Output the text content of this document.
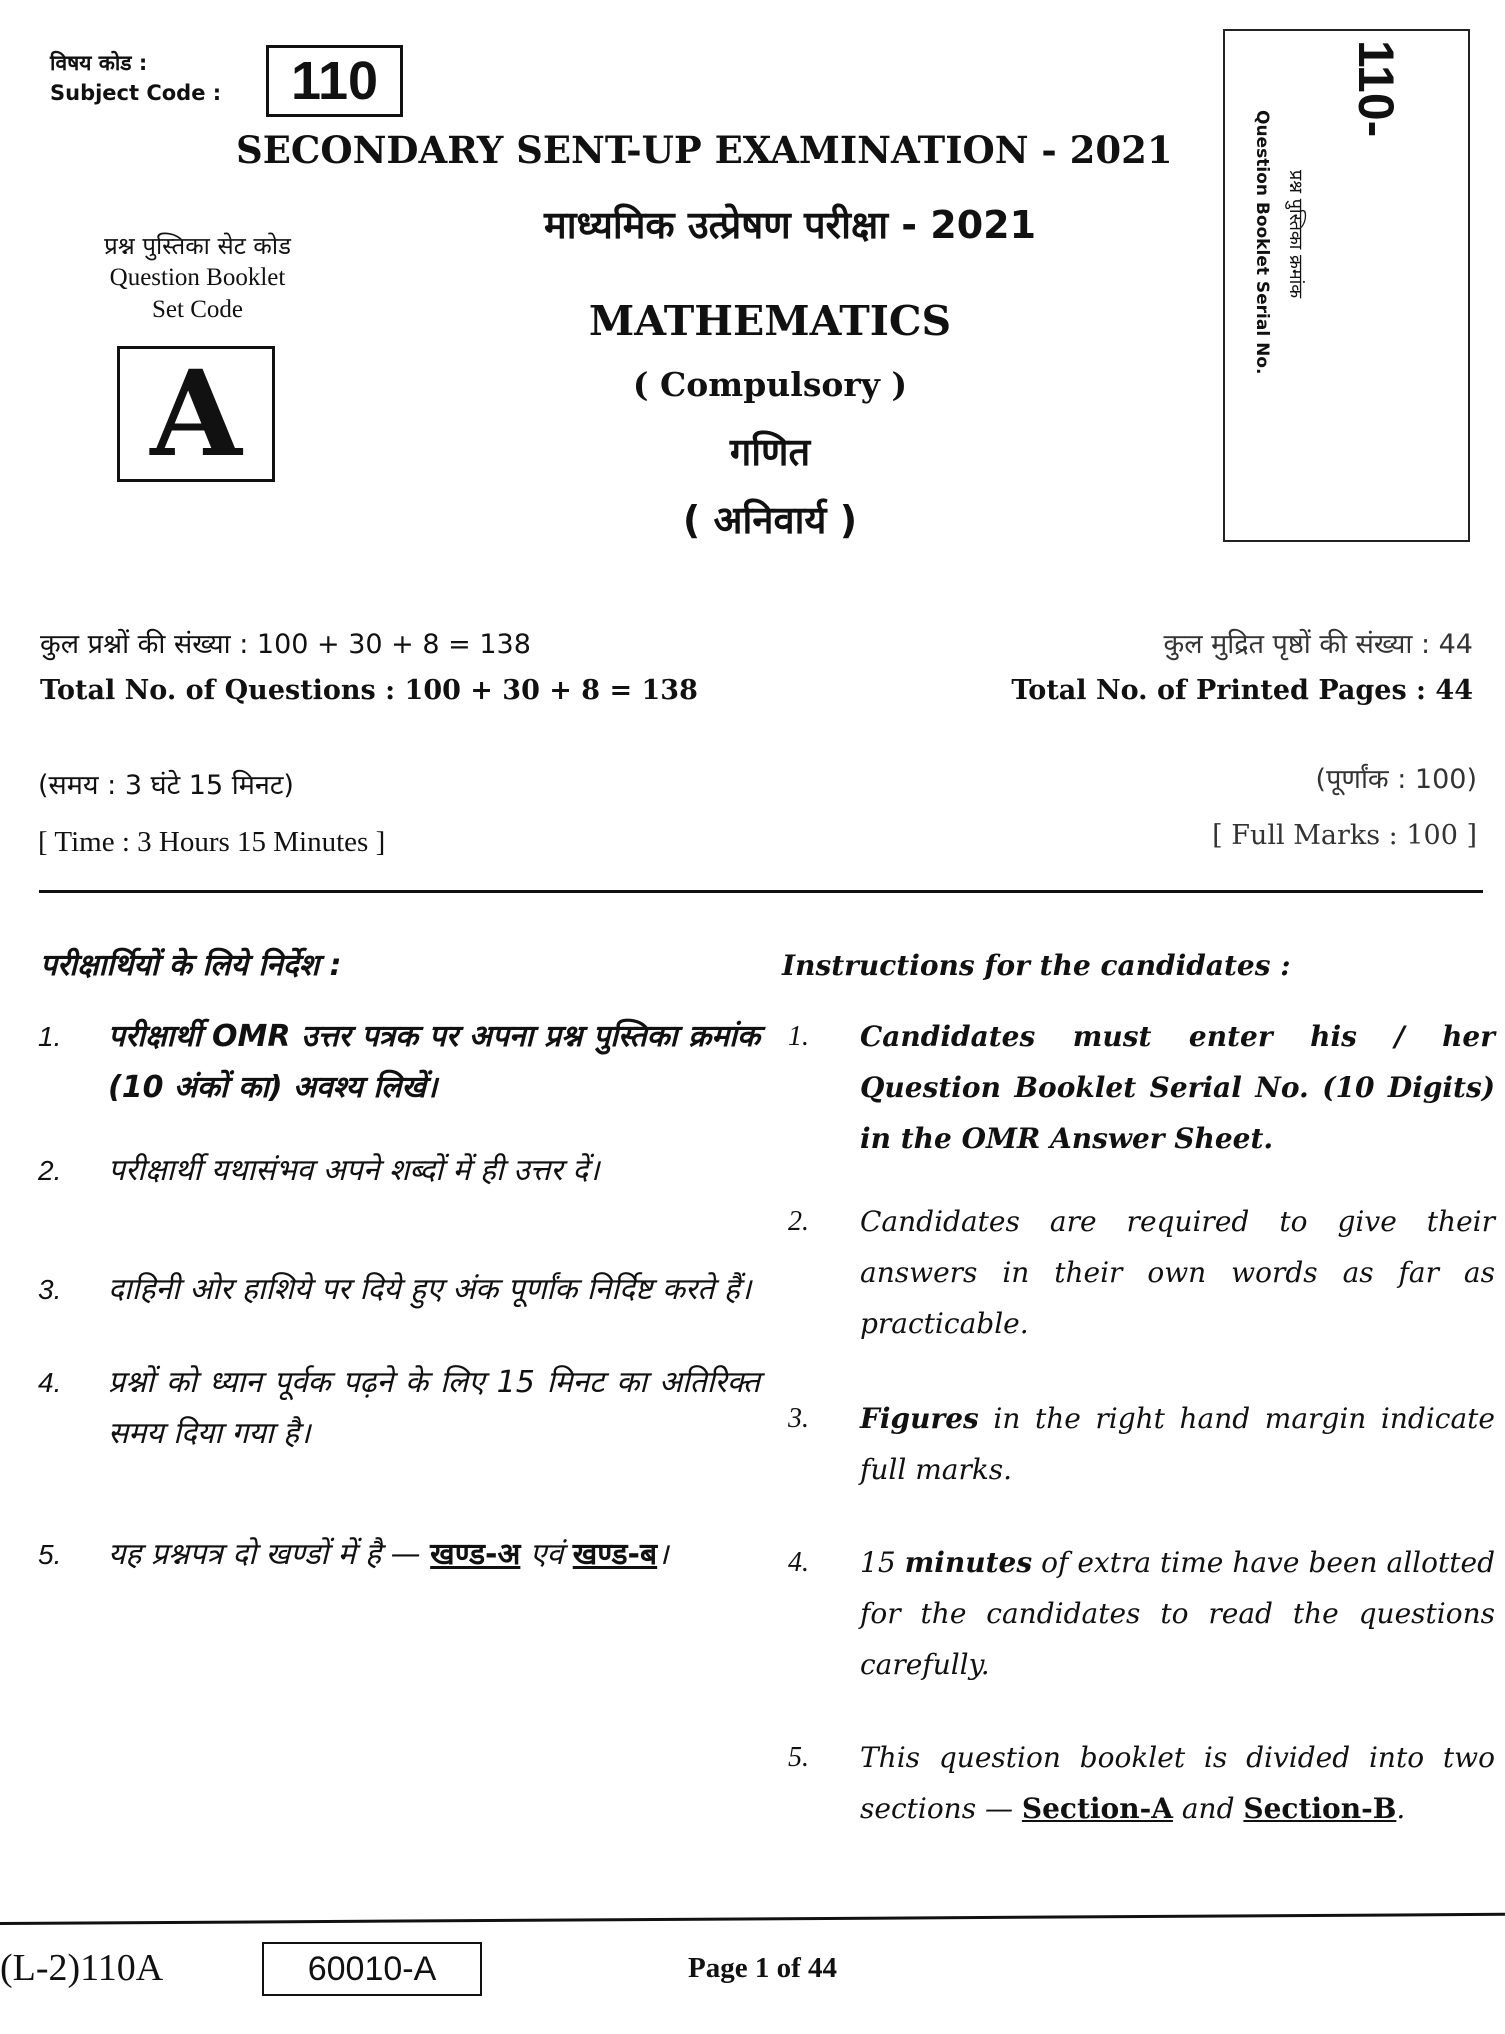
विषय कोड :
Subject Code :	110
SECONDARY SENT-UP EXAMINATION - 2021
माध्यमिक उत्प्रेषण परीक्षा - 2021
प्रश्न पुस्तिका सेट कोड
Question Booklet
Set Code
A
MATHEMATICS
( Compulsory )
गणित
( अनिवार्य )
110-
प्रश्न पुस्तिका क्रमांक
Question Booklet Serial No.
कुल प्रश्नों की संख्या : 100 + 30 + 8 = 138
Total No. of Questions : 100 + 30 + 8 = 138
कुल मुद्रित पृष्ठों की संख्या : 44
Total No. of Printed Pages : 44
(समय : 3 घंटे 15 मिनट)
[ Time : 3 Hours 15 Minutes ]
(पूर्णांक : 100)
[ Full Marks : 100 ]
परीक्षार्थियों के लिये निर्देश :
1.	परीक्षार्थी OMR उत्तर पत्रक पर अपना प्रश्न पुस्तिका क्रमांक (10 अंकों का) अवश्य लिखें।
2.	परीक्षार्थी यथासंभव अपने शब्दों में ही उत्तर दें।
3.	दाहिनी ओर हाशिये पर दिये हुए अंक पूर्णांक निर्दिष्ट करते हैं।
4.	प्रश्नों को ध्यान पूर्वक पढ़ने के लिए 15 मिनट का अतिरिक्त समय दिया गया है।
5.	यह प्रश्नपत्र दो खण्डों में है — खण्ड-अ एवं खण्ड-ब।
Instructions for the candidates :
1.	Candidates must enter his / her Question Booklet Serial No. (10 Digits) in the OMR Answer Sheet.
2.	Candidates are required to give their answers in their own words as far as practicable.
3.	Figures in the right hand margin indicate full marks.
4.	15 minutes of extra time have been allotted for the candidates to read the questions carefully.
5.	This question booklet is divided into two sections — Section-A and Section-B.
(L-2)110A	60010-A	Page 1 of 44
